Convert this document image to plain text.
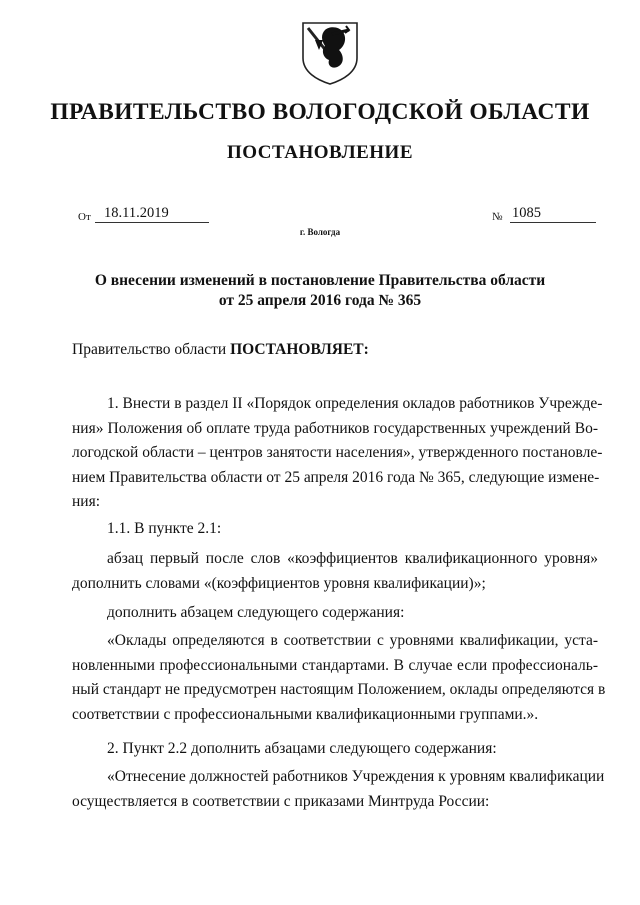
ПРАВИТЕЛЬСТВО ВОЛОГОДСКОЙ ОБЛАСТИ
ПОСТАНОВЛЕНИЕ
От 18.11.2019
г. Вологда
№ 1085
О внесении изменений в постановление Правительства области
от 25 апреля 2016 года № 365
Правительство области ПОСТАНОВЛЯЕТ:
1. Внести в раздел II «Порядок определения окладов работников Учрежде-
ния» Положения об оплате труда работников государственных учреждений Во-
логодской области – центров занятости населения», утвержденного постановле-
нием Правительства области от 25 апреля 2016 года № 365, следующие измене-
ния:
1.1. В пункте 2.1:
абзац первый после слов «коэффициентов квалификационного уровня»
дополнить словами «(коэффициентов уровня квалификации)»;
дополнить абзацем следующего содержания:
«Оклады определяются в соответствии с уровнями квалификации, уста-
новленными профессиональными стандартами. В случае если профессиональ-
ный стандарт не предусмотрен настоящим Положением, оклады определяются в
соответствии с профессиональными квалификационными группами.».
2. Пункт 2.2 дополнить абзацами следующего содержания:
«Отнесение должностей работников Учреждения к уровням квалификации
осуществляется в соответствии с приказами Минтруда России:
